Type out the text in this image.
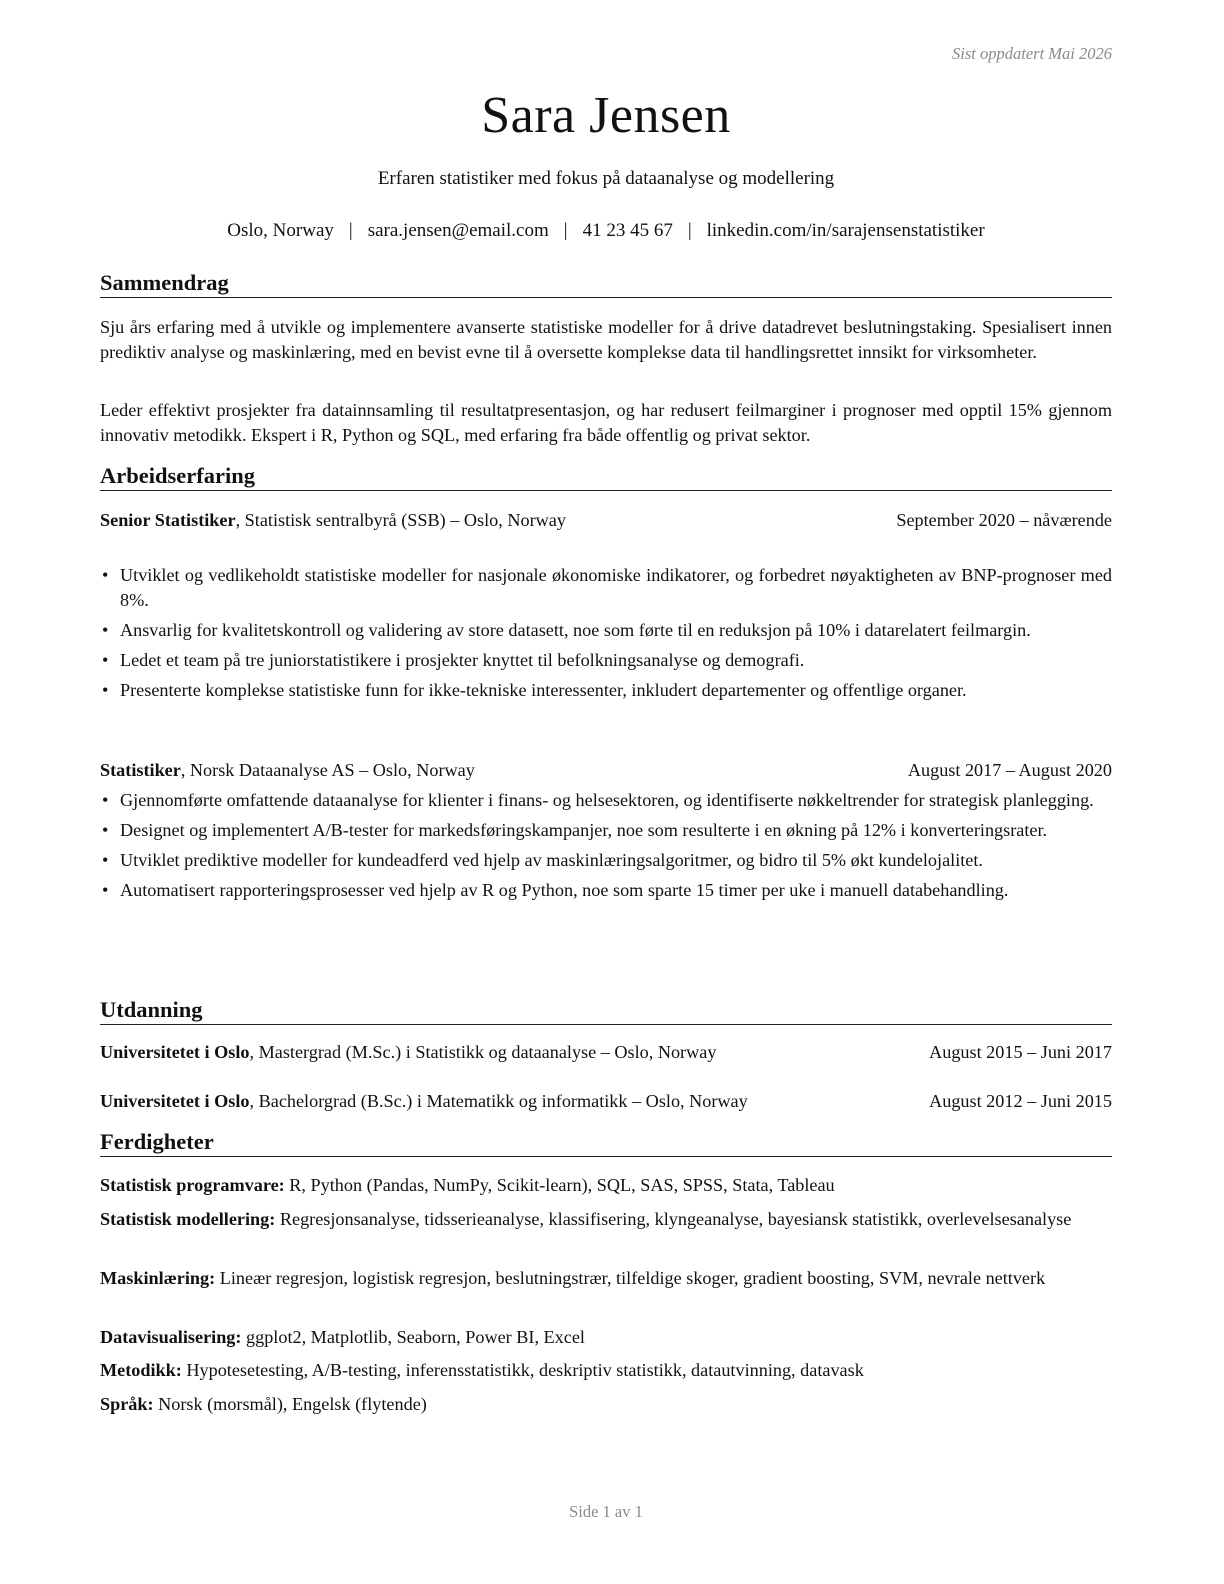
Sist oppdatert Mai 2026
Sara Jensen
Erfaren statistiker med fokus på dataanalyse og modellering
Oslo, Norway | sara.jensen@email.com | 41 23 45 67 | linkedin.com/in/sarajensenstatistiker
Sammendrag
Sju års erfaring med å utvikle og implementere avanserte statistiske modeller for å drive datadrevet beslutningstaking. Spesialisert innen prediktiv analyse og maskinlæring, med en bevist evne til å oversette komplekse data til handlingsrettet innsikt for virksomheter.
Leder effektivt prosjekter fra datainnsamling til resultatpresentasjon, og har redusert feilmarginer i prognoser med opptil 15% gjennom innovativ metodikk. Ekspert i R, Python og SQL, med erfaring fra både offentlig og privat sektor.
Arbeidserfaring
Senior Statistiker, Statistisk sentralbyrå (SSB) – Oslo, Norway	September 2020 – nåværende
• Utviklet og vedlikeholdt statistiske modeller for nasjonale økonomiske indikatorer, og forbedret nøyaktigheten av BNP-prognoser med 8%.
• Ansvarlig for kvalitetskontroll og validering av store datasett, noe som førte til en reduksjon på 10% i datarelatert feilmargin.
• Ledet et team på tre juniorstatistikere i prosjekter knyttet til befolkningsanalyse og demografi.
• Presenterte komplekse statistiske funn for ikke-tekniske interessenter, inkludert departementer og offentlige organer.
Statistiker, Norsk Dataanalyse AS – Oslo, Norway	August 2017 – August 2020
• Gjennomførte omfattende dataanalyse for klienter i finans- og helsesektoren, og identifiserte nøkkeltrender for strategisk planlegging.
• Designet og implementert A/B-tester for markedsføringskampanjer, noe som resulterte i en økning på 12% i konverteringsrater.
• Utviklet prediktive modeller for kundeadferd ved hjelp av maskinlæringsalgoritmer, og bidro til 5% økt kundelojalitet.
• Automatisert rapporteringsprosesser ved hjelp av R og Python, noe som sparte 15 timer per uke i manuell databehandling.
Utdanning
Universitetet i Oslo, Mastergrad (M.Sc.) i Statistikk og dataanalyse – Oslo, Norway	August 2015 – Juni 2017
Universitetet i Oslo, Bachelorgrad (B.Sc.) i Matematikk og informatikk – Oslo, Norway	August 2012 – Juni 2015
Ferdigheter
Statistisk programvare: R, Python (Pandas, NumPy, Scikit-learn), SQL, SAS, SPSS, Stata, Tableau
Statistisk modellering: Regresjonsanalyse, tidsserieanalyse, klassifisering, klyngeanalyse, bayesiansk statistikk, overlevelsesanalyse
Maskinlæring: Lineær regresjon, logistisk regresjon, beslutningstrær, tilfeldige skoger, gradient boosting, SVM, nevrale nettverk
Datavisualisering: ggplot2, Matplotlib, Seaborn, Power BI, Excel
Metodikk: Hypotesetesting, A/B-testing, inferensstatistikk, deskriptiv statistikk, datautvinning, datavask
Språk: Norsk (morsmål), Engelsk (flytende)
Side 1 av 1
